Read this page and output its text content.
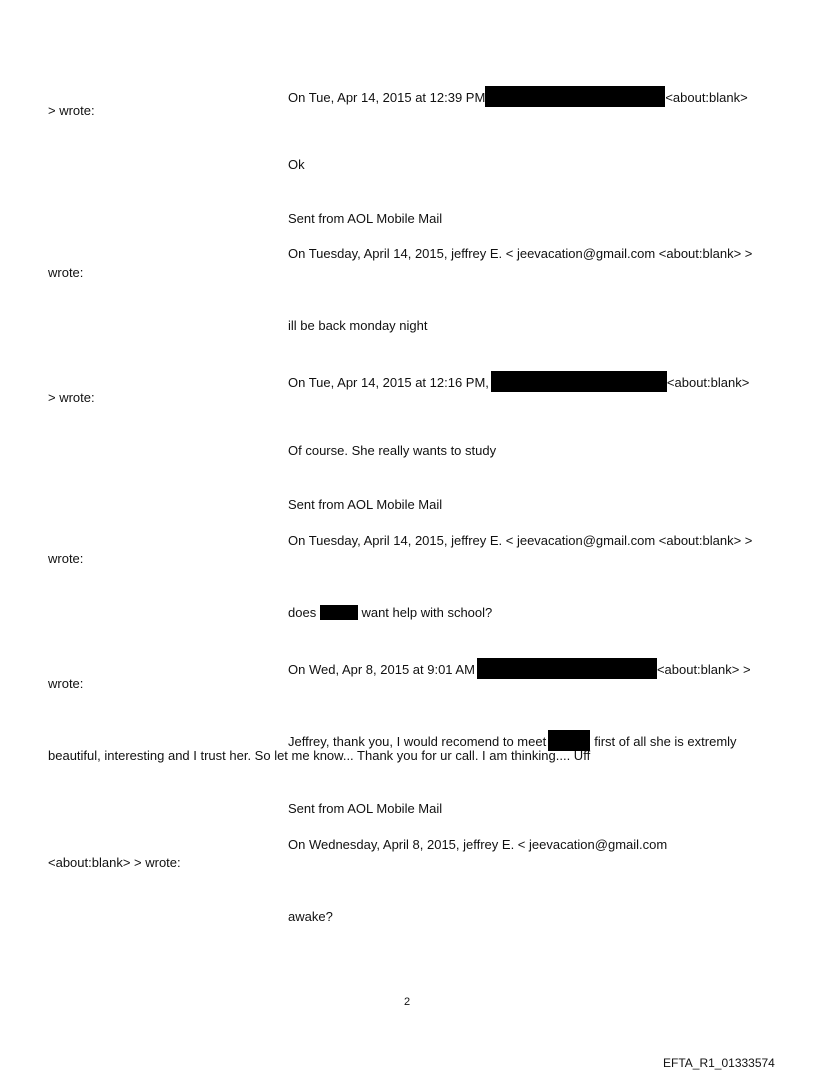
On Tue, Apr 14, 2015 at 12:39 PM	<about:blank>
> wrote:
Ok
Sent from AOL Mobile Mail
On Tuesday, April 14, 2015, jeffrey E. < jeevacation@gmail.com <about:blank> >
wrote:
ill be back monday night
On Tue, Apr 14, 2015 at 12:16 PM,	<about:blank>
> wrote:
Of course. She really wants to study
Sent from AOL Mobile Mail
On Tuesday, April 14, 2015, jeffrey E. < jeevacation@gmail.com <about:blank> >
wrote:
does	want help with school?
On Wed, Apr 8, 2015 at 9:01 AM	<about:blank> >
wrote:
Jeffrey, thank you, I would recomend to meet	first of all she is extremly
beautiful, interesting and I trust her. So let me know... Thank you for ur call. I am thinking.... Uff
Sent from AOL Mobile Mail
On Wednesday, April 8, 2015, jeffrey E. < jeevacation@gmail.com
<about:blank> > wrote:
awake?
2
EFTA_R1_01333574
